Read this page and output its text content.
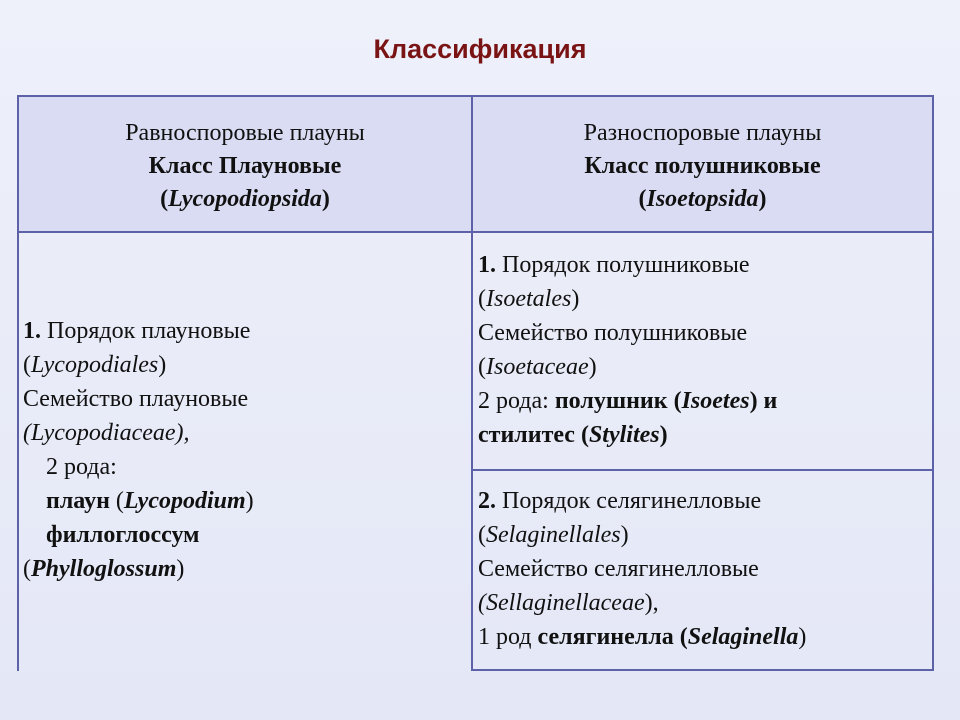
Классификация
Равноспоровые плауны
Класс Плауновые
(Lycopodiopsida)
Разноспоровые плауны
Класс полушниковые
(Isoetopsida)
1. Порядок плауновые
(Lycopodiales)
Семейство плауновые
(Lycopodiaceae),
2 рода:
плаун (Lycopodium)
филлоглоссум
(Phylloglossum)
1. Порядок полушниковые
(Isoetales)
Семейство полушниковые
(Isoetaceae)
2 рода: полушник (Isoetes) и
стилитес (Stylites)
2. Порядок селягинелловые
(Selaginellales)
Семейство селягинелловые
(Sellaginellaceae),
1 род селягинелла (Selaginella)
